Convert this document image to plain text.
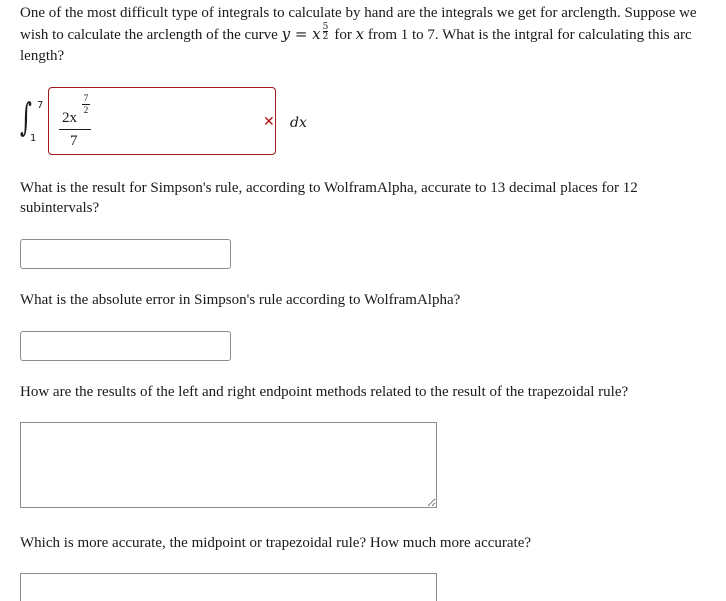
One of the most difficult type of integrals to calculate by hand are the integrals we get for arclength. Suppose we wish to calculate the arclength of the curve y = x
$\frac{5}{2}$
for x from 1 to 7. What is the intgral for calculating this arc length?
∫ 7
1
2x
7
2
7
✕ dx
What is the result for Simpson's rule, according to WolframAlpha, accurate to 13 decimal places for 12 subintervals?
What is the absolute error in Simpson's rule according to WolframAlpha?
How are the results of the left and right endpoint methods related to the result of the trapezoidal rule?
Which is more accurate, the midpoint or trapezoidal rule? How much more accurate?
